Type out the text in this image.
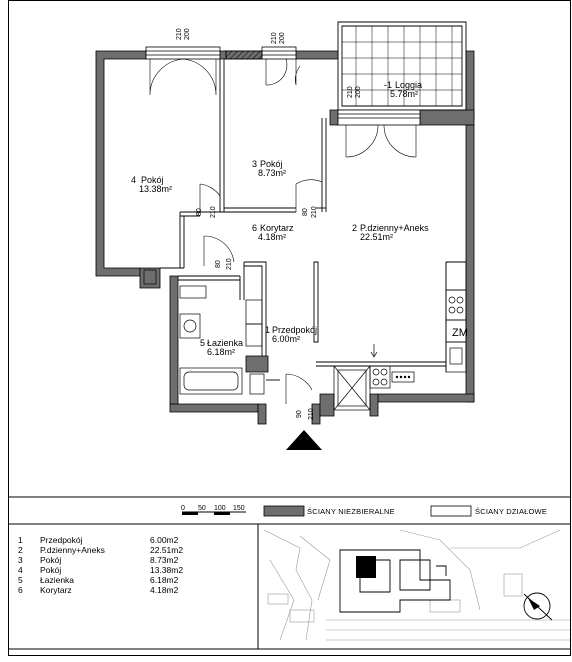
4 Pokój
13.38m²
3 Pokój
8.73m²
6 Korytarz
4.18m²
2 P.dzienny+Aneks
22.51m²
1 Przedpokój
6.00m²
5 Łazienka
6.18m²
-1 Loggia
5.78m²
ZM
210 200	210 200
210 200
80 210	80 210
80 210
90 210
0 50 100 150	ŚCIANY NIEZBIERALNE	ŚCIANY DZIAŁOWE
1 Przedpokój	6.00m2
2 P.dzienny+Aneks	22.51m2
3 Pokój	8.73m2
4 Pokój	13.38m2
5 Łazienka	6.18m2
6 Korytarz	4.18m2
